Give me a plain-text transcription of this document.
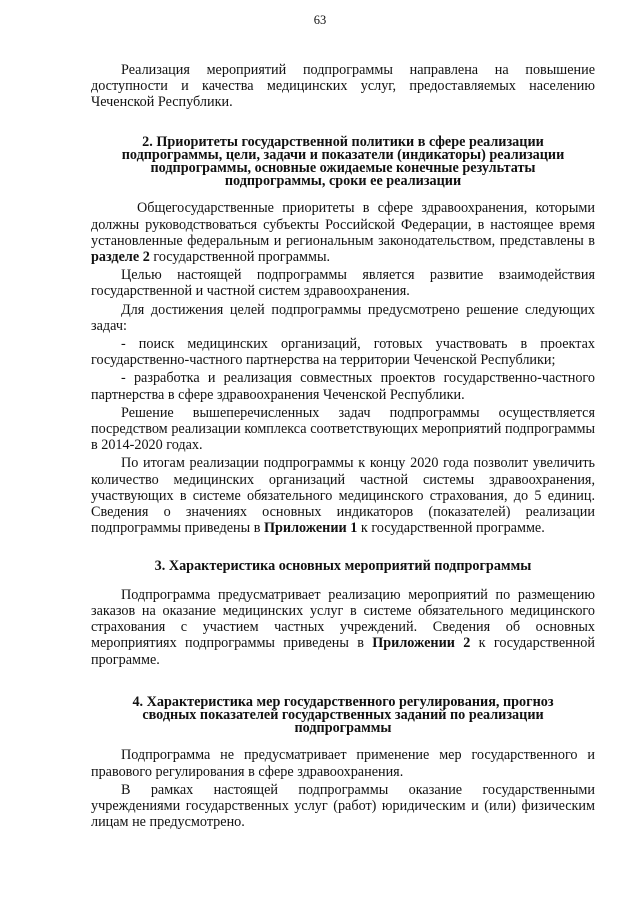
63

Реализация мероприятий подпрограммы направлена на повышение доступности и качества медицинских услуг, предоставляемых населению Чеченской Республики.

2. Приоритеты государственной политики в сфере реализации подпрограммы, цели, задачи и показатели (индикаторы) реализации подпрограммы, основные ожидаемые конечные результаты подпрограммы, сроки ее реализации

Общегосударственные приоритеты в сфере здравоохранения, которыми должны руководствоваться субъекты Российской Федерации, в настоящее время установленные федеральным и региональным законодательством, представлены в разделе 2 государственной программы.

Целью настоящей подпрограммы является развитие взаимодействия государственной и частной систем здравоохранения.

Для достижения целей подпрограммы предусмотрено решение следующих задач:

- поиск медицинских организаций, готовых участвовать в проектах государственно-частного партнерства на территории Чеченской Республики;

- разработка и реализация совместных проектов государственно-частного партнерства в сфере здравоохранения Чеченской Республики.

Решение вышеперечисленных задач подпрограммы осуществляется посредством реализации комплекса соответствующих мероприятий подпрограммы в 2014-2020 годах.

По итогам реализации подпрограммы к концу 2020 года позволит увеличить количество медицинских организаций частной системы здравоохранения, участвующих в системе обязательного медицинского страхования, до 5 единиц. Сведения о значениях основных индикаторов (показателей) реализации подпрограммы приведены в Приложении 1 к государственной программе.

3. Характеристика основных мероприятий подпрограммы

Подпрограмма предусматривает реализацию мероприятий по размещению заказов на оказание медицинских услуг в системе обязательного медицинского страхования с участием частных учреждений. Сведения об основных мероприятиях подпрограммы приведены в Приложении 2 к государственной программе.

4. Характеристика мер государственного регулирования, прогноз сводных показателей государственных заданий по реализации подпрограммы

Подпрограмма не предусматривает применение мер государственного и правового регулирования в сфере здравоохранения.

В рамках настоящей подпрограммы оказание государственными учреждениями государственных услуг (работ) юридическим и (или) физическим лицам не предусмотрено.
